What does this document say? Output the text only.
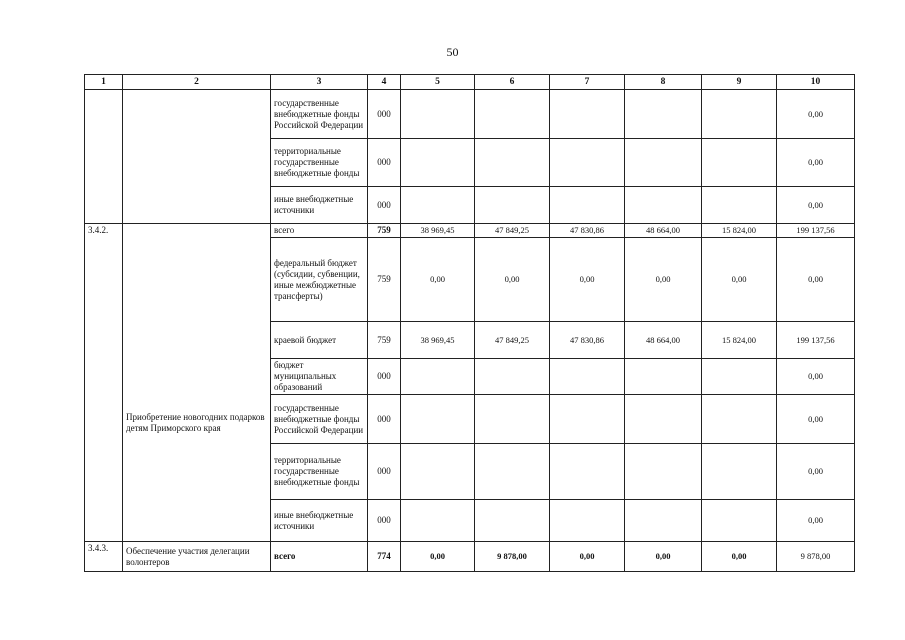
50
1	2	3	4	5	6	7	8	9	10
		государственные внебюджетные фонды Российской Федерации	000						0,00
		территориальные государственные внебюджетные фонды	000						0,00
		иные внебюджетные источники	000						0,00
3.4.2.	Приобретение новогодних подарков детям Приморского края	всего	759	38 969,45	47 849,25	47 830,86	48 664,00	15 824,00	199 137,56
		федеральный бюджет (субсидии, субвенции, иные межбюджетные трансферты)	759	0,00	0,00	0,00	0,00	0,00	0,00
		краевой бюджет	759	38 969,45	47 849,25	47 830,86	48 664,00	15 824,00	199 137,56
		бюджет муниципальных образований	000						0,00
		государственные внебюджетные фонды Российской Федерации	000						0,00
		территориальные государственные внебюджетные фонды	000						0,00
		иные внебюджетные источники	000						0,00
3.4.3.	Обеспечение участия делегации волонтеров	всего	774	0,00	9 878,00	0,00	0,00	0,00	9 878,00
